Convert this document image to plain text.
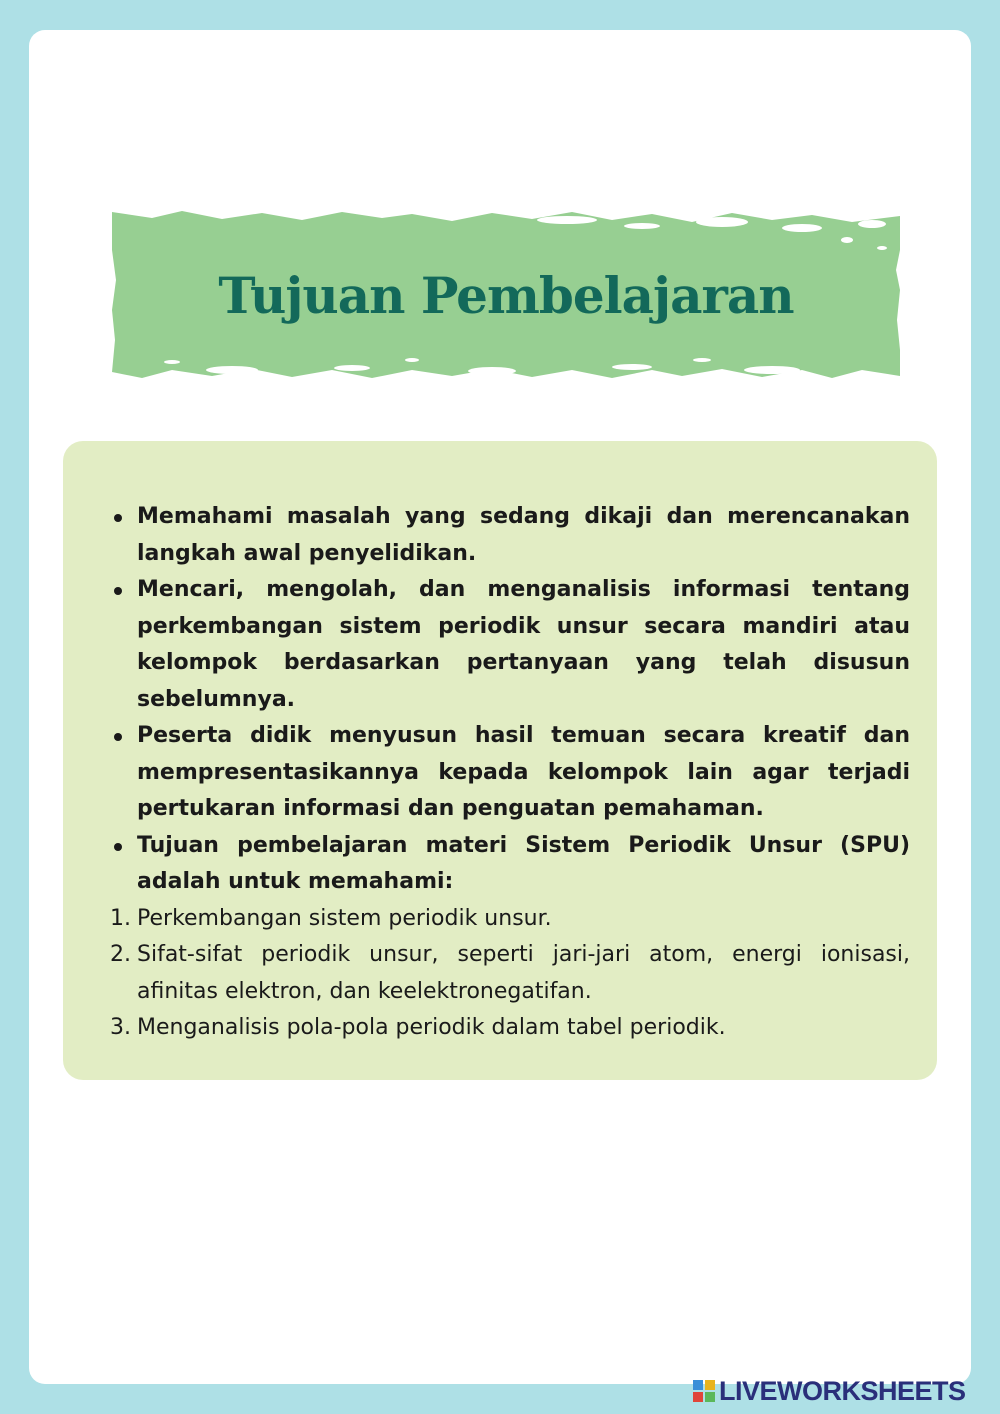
Tujuan Pembelajaran
Memahami masalah yang sedang dikaji dan merencanakan langkah awal penyelidikan.
Mencari, mengolah, dan menganalisis informasi tentang perkembangan sistem periodik unsur secara mandiri atau kelompok berdasarkan pertanyaan yang telah disusun sebelumnya.
Peserta didik menyusun hasil temuan secara kreatif dan mempresentasikannya kepada kelompok lain agar terjadi pertukaran informasi dan penguatan pemahaman.
Tujuan pembelajaran materi Sistem Periodik Unsur (SPU) adalah untuk memahami:
1. Perkembangan sistem periodik unsur.
2. Sifat-sifat periodik unsur, seperti jari-jari atom, energi ionisasi, afinitas elektron, dan keelektronegatifan.
3. Menganalisis pola-pola periodik dalam tabel periodik.
LIVEWORKSHEETS
